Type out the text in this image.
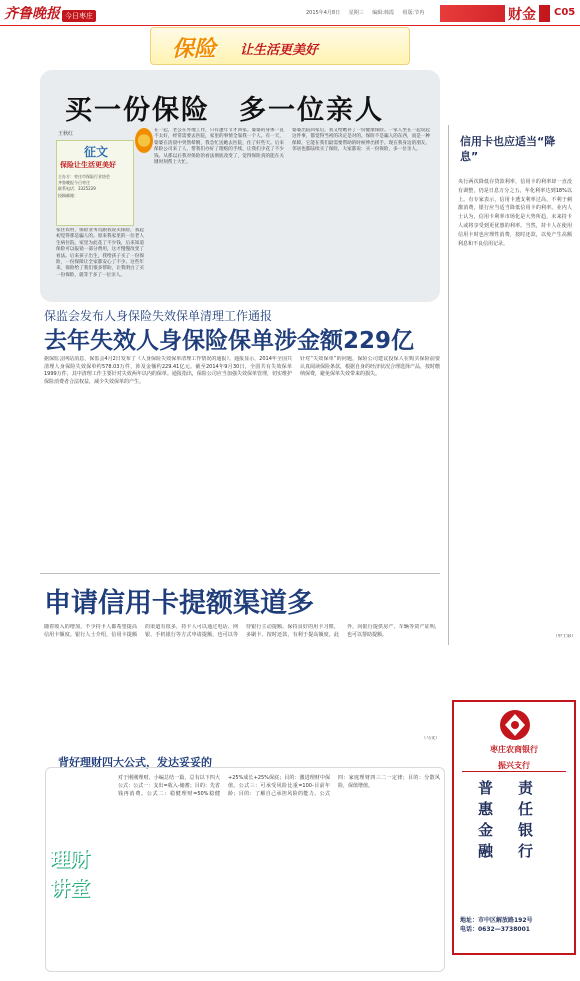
齐鲁晚报 今日枣庄	2015年4月8日 星期三 编辑:韩霞 组版:节冉	财金	C05
保险 让生活更美好
买一份保险　多一位亲人
王秋红
征文
保险让生活更美好
主办方：枣庄市保险行业协会
齐鲁晚报今日枣庄
联系电话：3325229
投稿邮箱：
家住农村，保险业务员跟我说买保险，我起初觉得那是骗人的。原来我家里的一位老人生病住院，家里为此花了不少钱，后来知道保险可以报销一部分费用，这才慢慢改变了看法。后来孩子出生，我给孩子买了一份保险，一份保障让全家都安心了不少。这些年来，保险给了我们很多帮助，让我明白了买一份保险，就等于多了一位亲人。
在一起，老公在外地工作，只有逢年节才回家。婆婆的身体一直不太好，经常需要去医院，家里的事情全靠我一个人。有一天，婆婆在清晨中突然晕倒，我急忙送她去医院，住了好些天。后来保险公司来了人，帮我们办好了理赔的手续，让我们少花了不少钱。从那以后我对保险的看法彻底改变了，觉得保险真的能在关键时刻帮上大忙。
婆婆出院回家后，我又给她补了一份健康保险。一家人坐在一起说起这件事，都觉得当初的决定是对的。保险不是骗人的东西，而是一种保障，它能在我们最需要帮助的时候伸出援手。现在我身边的朋友、邻居也都陆续买了保险，大家都说：买一份保险，多一位亲人。
信用卡也应适当“降息”
央行两次降低存贷款利率，信用卡的利率却一直没有调整，仍是日息万分之五，年化利率达到18%以上。有专家表示，信用卡透支利率过高，不利于刺激消费，银行应当适当降低信用卡的利率。业内人士认为，信用卡利率市场化是大势所趋，未来持卡人或将享受到更优惠的利率。当然，持卡人在使用信用卡时也应理性消费，按时还款，以免产生高额利息和不良信用记录。
（申士彩）
保监会发布人身保险失效保单清理工作通报
去年失效人身保险保单涉金额229亿
据保监会网站消息，保监会4月2日发布了《人身保险失效保单清理工作情况的通报》。通报显示，2014年全国共清理人身保险失效保单约578.03万件，涉及金额约229.41亿元。截至2014年9月30日，全国共有失效保单1999万件，其中清理工作主要针对失效两年以内的保单。通报指出，保险公司应当加强失效保单管理，切实维护保险消费者合法权益，减少失效保单的产生。
针对“失效保单”的问题，保险公司建议投保人在购买保险前要认真阅读保险条款，根据自身的经济状况合理选择产品，按时缴纳保费，避免保单失效带来的损失。
申请信用卡提额渠道多
随着收入的增加，不少持卡人都希望提高信用卡额度。银行人士介绍，信用卡提额的渠道有很多，持卡人可以通过电话、网银、手机银行等方式申请提额，也可以等待银行主动提额。保持良好的用卡习惯，多刷卡、按时还款，有利于提高额度。此外，向银行提供房产、车辆等资产证明，也可以帮助提额。
（马文）
背好理财四大公式，发达妥妥的
理财
讲堂
对于刚刚理财、小编总结一篇，总有以下四大公式：公式一：支出=收入-储蓄；目的：先省钱再消费。公式二：稳健理财=50%稳健+25%成长+25%保底；目的：激进理财中保值。公式三：可承受风险比重=100-目前年龄；目的：了解自己承担风险的能力。公式四：家庭理财四三二一定律；目的：分散风险，保值增值。
枣庄农商银行
振兴支行
普	责
惠	任
金	银
融	行
地址：市中区解放路192号
电话：0632—3738001
